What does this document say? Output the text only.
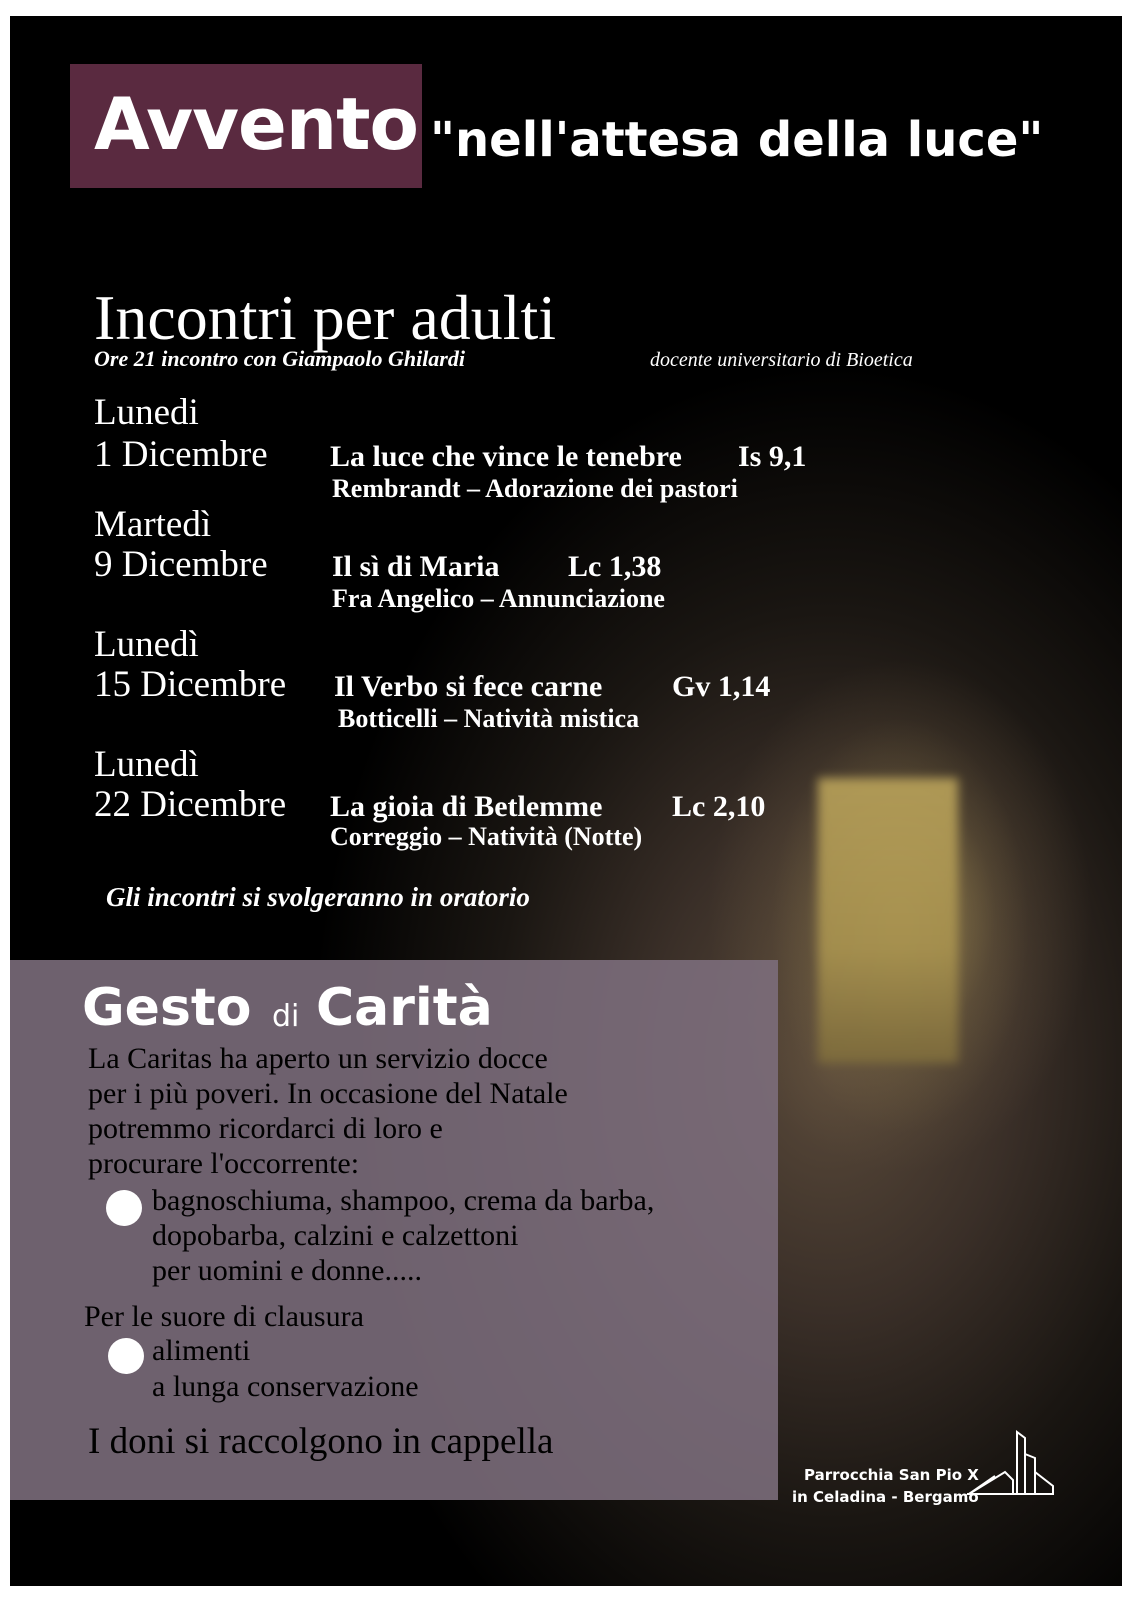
Avvento "nell'attesa della luce"
Incontri per adulti
Ore 21 incontro con Giampaolo Ghilardi	docente universitario di Bioetica
Lunedi
1 Dicembre La luce che vince le tenebre Is 9,1
Rembrandt – Adorazione dei pastori
Martedì
9 Dicembre Il sì di Maria Lc 1,38
Fra Angelico – Annunciazione
Lunedì
15 Dicembre Il Verbo si fece carne Gv 1,14
Botticelli – Natività mistica
Lunedì
22 Dicembre La gioia di Betlemme Lc 2,10
Correggio – Natività (Notte)
Gli incontri si svolgeranno in oratorio
Gesto di Carità
La Caritas ha aperto un servizio docce
per i più poveri. In occasione del Natale
potremmo ricordarci di loro e
procurare l'occorrente:
bagnoschiuma, shampoo, crema da barba,
dopobarba, calzini e calzettoni
per uomini e donne.....
Per le suore di clausura
alimenti
a lunga conservazione
I doni si raccolgono in cappella
Parrocchia San Pio X
in Celadina - Bergamo
